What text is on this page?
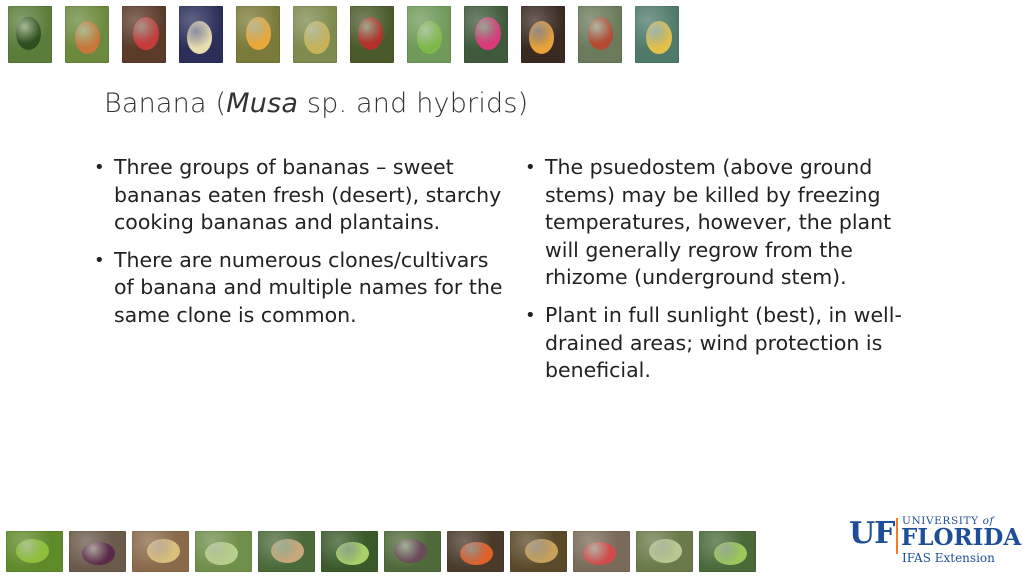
Banana (Musa sp. and hybrids)
• Three groups of bananas – sweet bananas eaten fresh (desert), starchy cooking bananas and plantains.
• There are numerous clones/cultivars of banana and multiple names for the same clone is common.
• The psuedostem (above ground stems) may be killed by freezing temperatures, however, the plant will generally regrow from the rhizome (underground stem).
• Plant in full sunlight (best), in well-drained areas; wind protection is beneficial.
UF UNIVERSITY of
FLORIDA
IFAS Extension
